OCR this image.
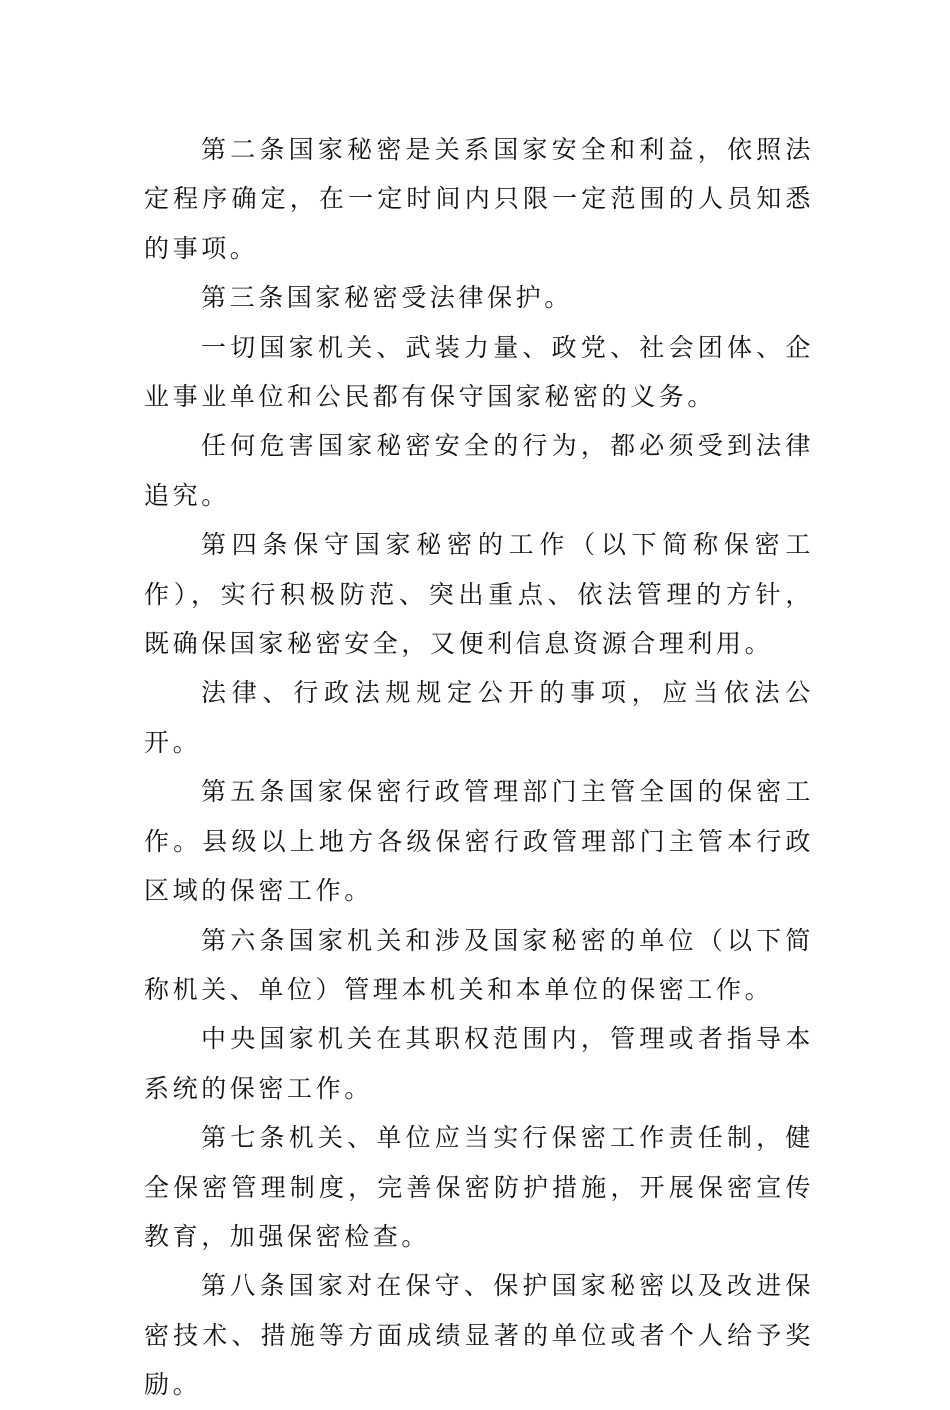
第二条国家秘密是关系国家安全和利益，依照法定程序确定，在一定时间内只限一定范围的人员知悉的事项。

第三条国家秘密受法律保护。

一切国家机关、武装力量、政党、社会团体、企业事业单位和公民都有保守国家秘密的义务。

任何危害国家秘密安全的行为，都必须受到法律追究。

第四条保守国家秘密的工作（以下简称保密工作），实行积极防范、突出重点、依法管理的方针，既确保国家秘密安全，又便利信息资源合理利用。

法律、行政法规规定公开的事项，应当依法公开。

第五条国家保密行政管理部门主管全国的保密工作。县级以上地方各级保密行政管理部门主管本行政区域的保密工作。

第六条国家机关和涉及国家秘密的单位（以下简称机关、单位）管理本机关和本单位的保密工作。

中央国家机关在其职权范围内，管理或者指导本系统的保密工作。

第七条机关、单位应当实行保密工作责任制，健全保密管理制度，完善保密防护措施，开展保密宣传教育，加强保密检查。

第八条国家对在保守、保护国家秘密以及改进保密技术、措施等方面成绩显著的单位或者个人给予奖励。
